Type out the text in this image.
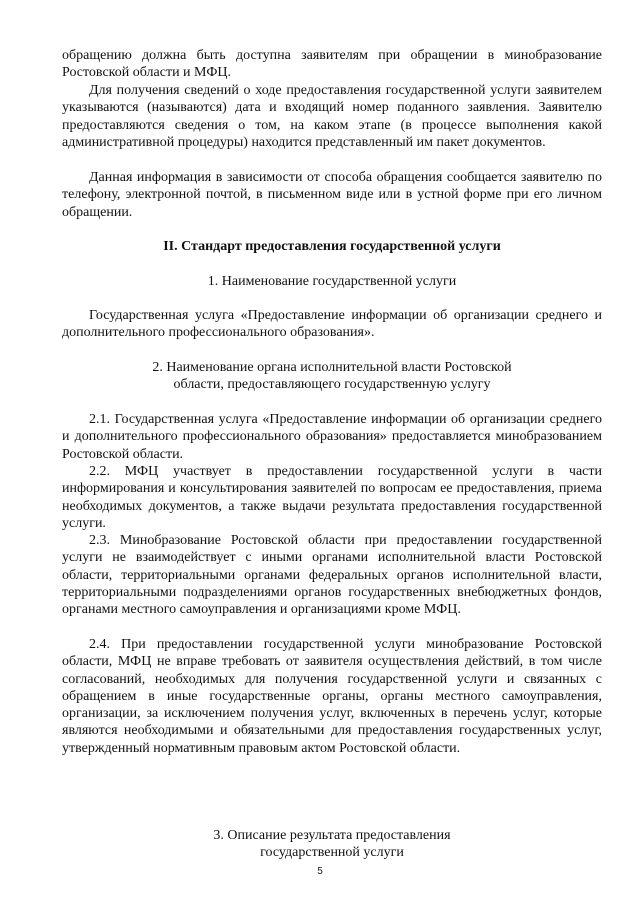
обращению должна быть доступна заявителям при обращении в минобразование Ростовской области и МФЦ.
Для получения сведений о ходе предоставления государственной услуги заявителем указываются (называются) дата и входящий номер поданного заявления. Заявителю предоставляются сведения о том, на каком этапе (в процессе выполнения какой административной процедуры) находится представленный им пакет документов.
Данная информация в зависимости от способа обращения сообщается заявителю по телефону, электронной почтой, в письменном виде или в устной форме при его личном обращении.
II. Стандарт предоставления государственной услуги
1. Наименование государственной услуги
Государственная услуга «Предоставление информации об организации среднего и дополнительного профессионального образования».
2. Наименование органа исполнительной власти Ростовской
области, предоставляющего государственную услугу
2.1. Государственная услуга «Предоставление информации об организации среднего и дополнительного профессионального образования» предоставляется минобразованием Ростовской области.
2.2. МФЦ участвует в предоставлении государственной услуги в части информирования и консультирования заявителей по вопросам ее предоставления, приема необходимых документов, а также выдачи результата предоставления государственной услуги.
2.3. Минобразование Ростовской области при предоставлении государственной услуги не взаимодействует с иными органами исполнительной власти Ростовской области, территориальными органами федеральных органов исполнительной власти, территориальными подразделениями органов государственных внебюджетных фондов, органами местного самоуправления и организациями кроме МФЦ.
2.4. При предоставлении государственной услуги минобразование Ростовской области, МФЦ не вправе требовать от заявителя осуществления действий, в том числе согласований, необходимых для получения государственной услуги и связанных с обращением в иные государственные органы, органы местного самоуправления, организации, за исключением получения услуг, включенных в перечень услуг, которые являются необходимыми и обязательными для предоставления государственных услуг, утвержденный нормативным правовым актом Ростовской области.
3. Описание результата предоставления
государственной услуги
5
